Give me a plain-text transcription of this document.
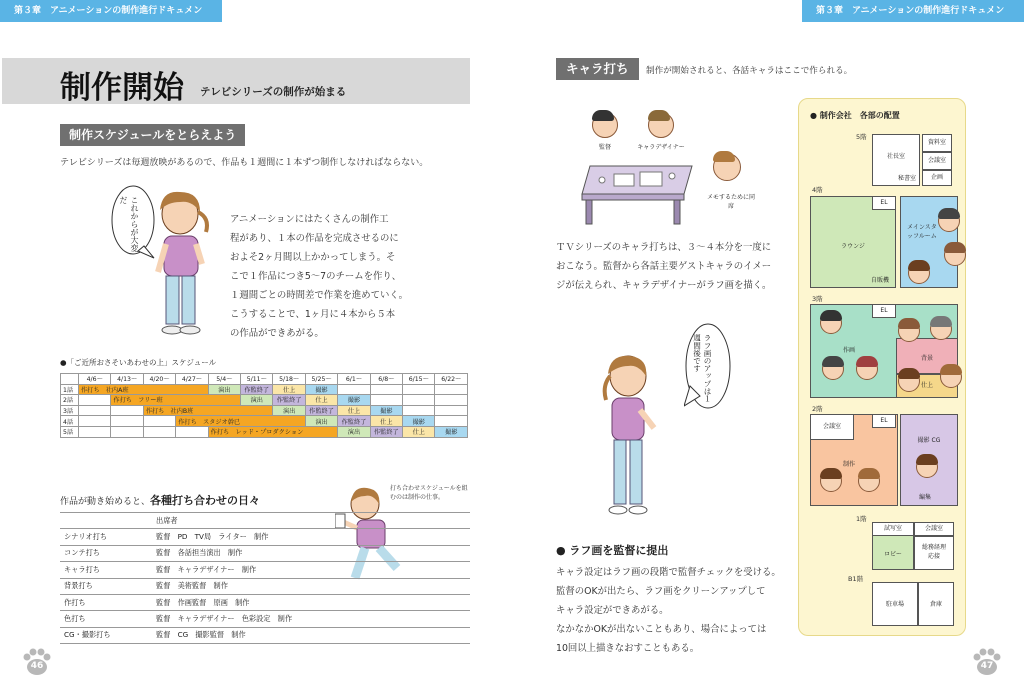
第３章　アニメーションの制作進行ドキュメント
制作開始 テレビシリーズの制作が始まる
制作スケジュールをとらえよう
テレビシリーズは毎週放映があるので、作品も１週間に１本ずつ制作しなければならない。
これからが大変だ
アニメーションにはたくさんの制作工
程があり、１本の作品を完成させるのに
およそ2ヶ月間以上かかってしまう。そ
こで１作品につき5〜7のチームを作り、
１週間ごとの時間差で作業を進めていく。
こうすることで、1ヶ月に４本から５本
の作品ができあがる。
●「ご近所おさそいあわせの上」スケジュール
	4/6〜	4/13〜	4/20〜	4/27〜	5/4〜	5/11〜	5/18〜	5/25〜	6/1〜	6/8〜	6/15〜	6/22〜
1話	作打ち　社内A班				演出	作監終了	仕上	撮影				
2話		作打ち　フリー班				演出	作監終了	仕上	撮影			
3話			作打ち　社内B班				演出	作監終了	仕上	撮影		
4話				作打ち　スタジオ幹已				演出	作監終了	仕上	撮影	
5話					作打ち　レッド・プロダクション				演出	作監終了	仕上	撮影
打ち合わせスケジュールを組むのは制作の仕事。
作品が動き始めると、各種打ち合わせの日々
	出席者
シナリオ打ち	監督　PD　TV局　ライター　制作
コンテ打ち	監督　各話担当演出　制作
キャラ打ち	監督　キャラデザイナー　制作
背景打ち	監督　美術監督　制作
作打ち	監督　作画監督　原画　制作
色打ち	監督　キャラデザイナー　色彩設定　制作
CG・撮影打ち	監督　CG　撮影監督　制作
46
第３章　アニメーションの制作進行ドキュメント
キャラ打ち	制作が開始されると、各話キャラはここで作られる。
監督	キャラデザイナー
メモするために同席
ＴＶシリーズのキャラ打ちは、３〜４本分を一度に
おこなう。監督から各話主要ゲストキャラのイメー
ジが伝えられ、キャラデザイナーがラフ画を描く。
ラフ画のアップは１週間後です
● ラフ画を監督に提出
キャラ設定はラフ画の段階で監督チェックを受ける。
監督のOKが出たら、ラフ画をクリーンアップして
キャラ設定ができあがる。
なかなかOKが出ないこともあり、場合によっては
10回以上描きなおすこともある。
● 制作会社　各部の配置
5階
社長室
秘書室
資料室
会議室
企画
4階
ラウンジ
自販機
EL
メインスタッフルーム
3階
作画
EL
背景
仕上
2階
制作
会議室
EL
撮影 CG
編集
1階
ロビー
試写室	会議室
総務経理
応接
B1階
駐車場	倉庫
47
